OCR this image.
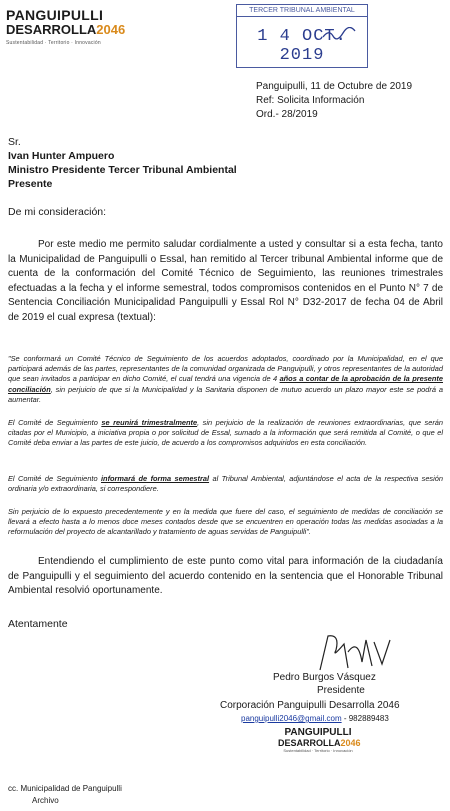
PANGUIPULLI
DESARROLLA2046
Sustentabilidad · Territorio · Innovación
TERCER TRIBUNAL AMBIENTAL
1 4 OCT. 2019
Panguipulli, 11 de Octubre de 2019
Ref: Solicita Información
Ord.- 28/2019
Sr.
Ivan Hunter Ampuero
Ministro Presidente Tercer Tribunal Ambiental
Presente
De mi consideración:
Por este medio me permito saludar cordialmente a usted y consultar si a esta fecha, tanto la Municipalidad de Panguipulli o Essal, han remitido al Tercer tribunal Ambiental informe que de cuenta de la conformación del Comité Técnico de Seguimiento, las reuniones trimestrales efectuadas a la fecha y el informe semestral, todos compromisos contenidos en el Punto N° 7 de Sentencia Conciliación Municipalidad Panguipulli y Essal Rol N° D32-2017 de fecha 04 de Abril de 2019 el cual expresa (textual):
"Se conformará un Comité Técnico de Seguimiento de los acuerdos adoptados, coordinado por la Municipalidad, en el que participará además de las partes, representantes de la comunidad organizada de Panguipulli, y otros representantes de la autoridad que sean invitados a participar en dicho Comité, el cual tendrá una vigencia de 4 años a contar de la aprobación de la presente conciliación, sin perjuicio de que si la Municipalidad y la Sanitaria disponen de mutuo acuerdo un plazo mayor este se podrá a aumentar.
El Comité de Seguimiento se reunirá trimestralmente, sin perjuicio de la realización de reuniones extraordinarias, que serán citadas por el Municipio, a iniciativa propia o por solicitud de Essal, sumado a la información que será remitida al Comité, o que el Comité deba enviar a las partes de este juicio, de acuerdo a los compromisos adquiridos en esta conciliación.
El Comité de Seguimiento informará de forma semestral al Tribunal Ambiental, adjuntándose el acta de la respectiva sesión ordinaria y/o extraordinaria, si correspondiere.
Sin perjuicio de lo expuesto precedentemente y en la medida que fuere del caso, el seguimiento de medidas de conciliación se llevará a efecto hasta a lo menos doce meses contados desde que se encuentren en operación todas las medidas asociadas a la reformulación del proyecto de alcantarillado y tratamiento de aguas servidas de Panguipulli".
Entendiendo el cumplimiento de este punto como vital para información de la ciudadanía de Panguipulli y el seguimiento del acuerdo contenido en la sentencia que el Honorable Tribunal Ambiental resolvió oportunamente.
Atentamente
Pedro Burgos Vásquez
Presidente
Corporación Panguipulli Desarrolla 2046
panguipulli2046@gmail.com - 982889483
PANGUIPULLI
DESARROLLA2046
Sustentabilidad · Territorio · Innovación
cc. Municipalidad de Panguipulli
Archivo
